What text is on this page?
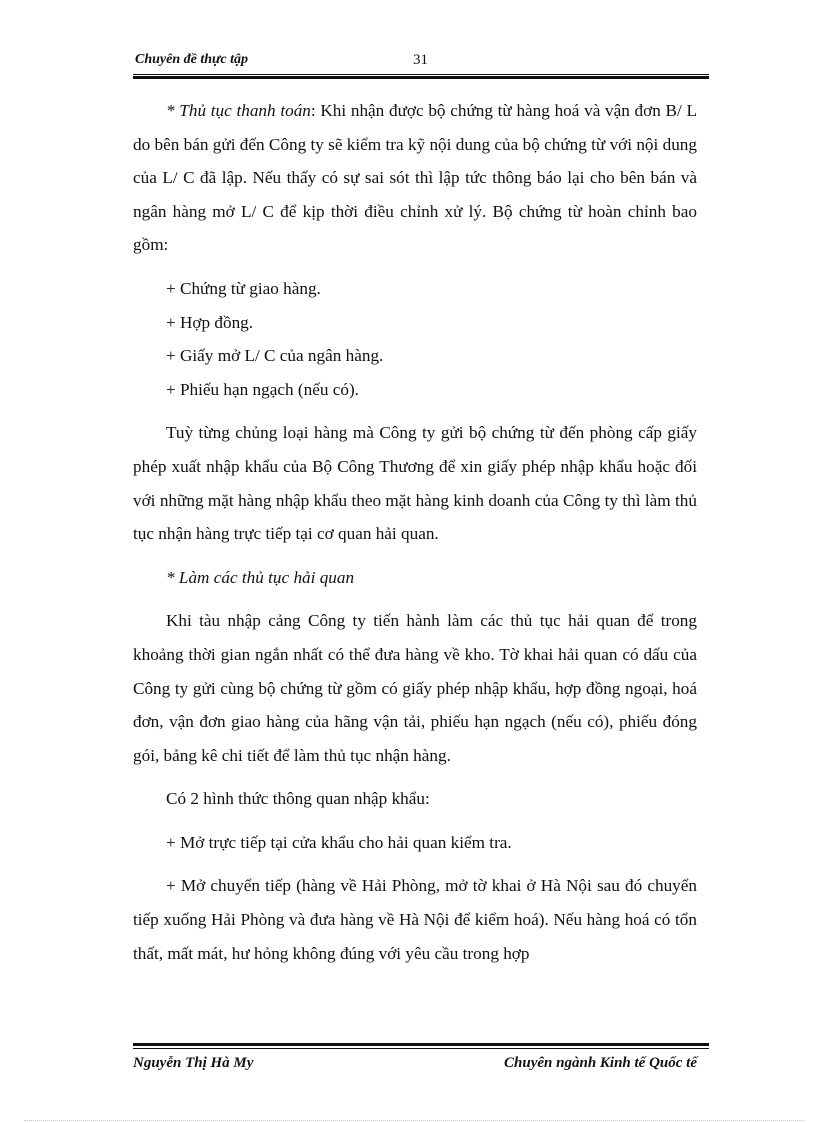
Chuyên đề thực tập	31

* Thủ tục thanh toán: Khi nhận được bộ chứng từ hàng hoá và vận đơn B/ L do bên bán gửi đến Công ty sẽ kiểm tra kỹ nội dung của bộ chứng từ với nội dung của L/ C đã lập. Nếu thấy có sự sai sót thì lập tức thông báo lại cho bên bán và ngân hàng mở L/ C để kịp thời điều chỉnh xử lý. Bộ chứng từ hoàn chỉnh bao gồm:

+ Chứng từ giao hàng.

+ Hợp đồng.

+ Giấy mở L/ C của ngân hàng.

+ Phiếu hạn ngạch (nếu có).

Tuỳ từng chủng loại hàng mà Công ty gửi bộ chứng từ đến phòng cấp giấy phép xuất nhập khẩu của Bộ Công Thương để xin giấy phép nhập khẩu hoặc đối với những mặt hàng nhập khẩu theo mặt hàng kinh doanh của Công ty thì làm thủ tục nhận hàng trực tiếp tại cơ quan hải quan.

* Làm các thủ tục hải quan

Khi tàu nhập cảng Công ty tiến hành làm các thủ tục hải quan để trong khoảng thời gian ngắn nhất có thể đưa hàng về kho. Tờ khai hải quan có dấu của Công ty gửi cùng bộ chứng từ gồm có giấy phép nhập khẩu, hợp đồng ngoại, hoá đơn, vận đơn giao hàng của hãng vận tải, phiếu hạn ngạch (nếu có), phiếu đóng gói, bảng kê chi tiết để làm thủ tục nhận hàng.

Có 2 hình thức thông quan nhập khẩu:

+ Mở trực tiếp tại cửa khẩu cho hải quan kiểm tra.

+ Mở chuyển tiếp (hàng về Hải Phòng, mở tờ khai ở Hà Nội sau đó chuyển tiếp xuống Hải Phòng và đưa hàng về Hà Nội để kiểm hoá). Nếu hàng hoá có tổn thất, mất mát, hư hỏng không đúng với yêu cầu trong hợp

Nguyễn Thị Hà My	Chuyên ngành Kinh tế Quốc tế
